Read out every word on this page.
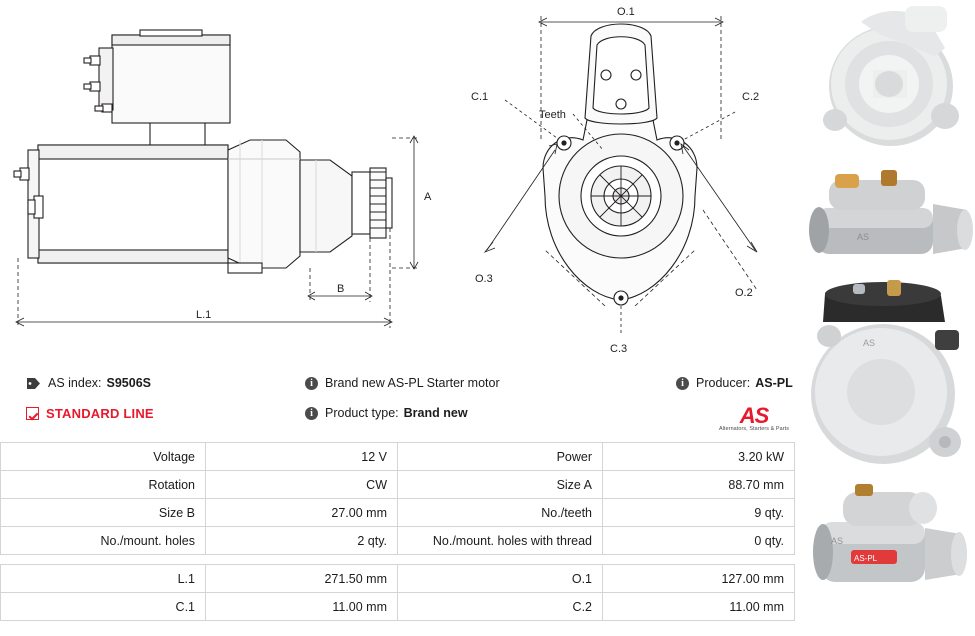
A
B
L.1
O.1
O.2
O.3
C.1	C.2
C.3
Teeth
AS
AS
AS-PL
AS
AS index: S9506S
STANDARD LINE
i Brand new AS-PL Starter motor
i Product type: Brand new
i Producer: AS-PL
AS
Alternators, Starters & Parts
Voltage	12 V	Power	3.20 kW
Rotation	CW	Size A	88.70 mm
Size B	27.00 mm	No./teeth	9 qty.
No./mount. holes	2 qty.	No./mount. holes with thread	0 qty.

L.1	271.50 mm	O.1	127.00 mm
C.1	11.00 mm	C.2	11.00 mm
